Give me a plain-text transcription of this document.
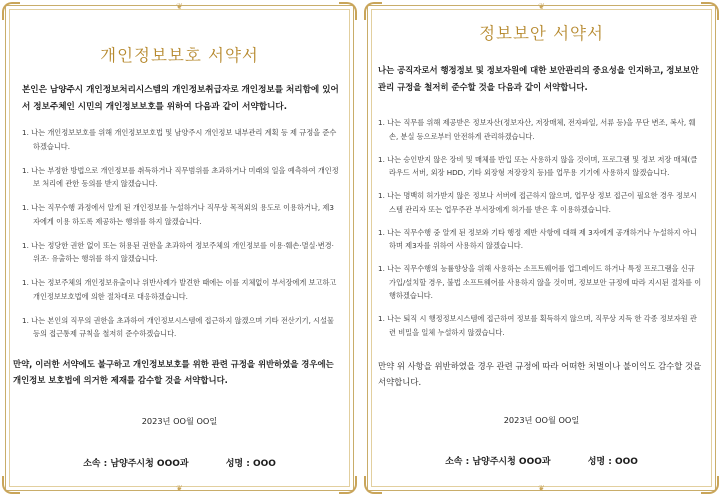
❦
❦
개인정보보호 서약서
본인은 남양주시 개인정보처리시스템의 개인정보취급자로 개인정보를 처리함에 있어서 정보주체인 시민의 개인정보보호를 위하여 다음과 같이 서약합니다.
1. 나는 개인정보보호를 위해 개인정보보호법 및 남양주시 개인정보 내부관리 계획 등 제 규정을 준수 하겠습니다.
1. 나는 부정한 방법으로 개인정보를 취득하거나 직무범위를 초과하거나 미래의 일을 예측하여 개인정보 처리에 관한 동의를 받지 않겠습니다.
1. 나는 직무수행 과정에서 알게 된 개인정보를 누설하거나 직무상 목적외의 용도로 이용하거나, 제3자에게 이용 하도록 제공하는 행위를 하지 않겠습니다.
1. 나는 정당한 권한 없이 또는 허용된 권한을 초과하여 정보주체의 개인정보를 이용·훼손·멸실·변경·위조· 유출하는 행위를 하지 않겠습니다.
1. 나는 정보주체의 개인정보유출이나 위반사례가 발견한 때에는 이를 지체없이 부서장에게 보고하고 개인정보보호법에 의한 절차대로 대응하겠습니다.
1. 나는 본인의 직무의 권한을 초과하여 개인정보시스템에 접근하지 않겠으며 기타 전산기기, 시설물 등의 접근통제 규칙을 철저히 준수하겠습니다.
만약, 이러한 서약에도 불구하고 개인정보보호를 위한 관련 규정을 위반하였을 경우에는 개인정보 보호법에 의거한 제재를 감수할 것을 서약합니다.
2023년 OO월 OO일
소속 : 남양주시청 OOO과	성명 : OOO
❦
❦
정보보안 서약서
나는 공직자로서 행정정보 및 정보자원에 대한 보안관리의 중요성을 인지하고, 정보보안관리 규정을 철저히 준수할 것을 다음과 같이 서약합니다.
1. 나는 직무를 위해 제공받은 정보자산(정보자산, 저장매체, 전자파일, 서류 등)을 무단 변조, 복사, 훼손, 분실 등으로부터 안전하게 관리하겠습니다.
1. 나는 승인받지 않은 장비 및 매체를 반입 또는 사용하지 않을 것이며, 프로그램 및 정보 저장 매체(클라우드 서버, 외장 HDD, 기타 외장형 저장장치 등)를 업무용 기기에 사용하지 않겠습니다.
1. 나는 명백히 허가받지 않은 정보나 서버에 접근하지 않으며, 업무상 정보 접근이 필요한 경우 정보시스템 관리자 또는 업무주관 부서장에게 허가를 받은 후 이용하겠습니다.
1. 나는 직무수행 중 알게 된 정보와 기타 행정 제반 사항에 대해 제 3자에게 공개하거나 누설하지 아니하며 제3자를 위하여 사용하지 않겠습니다.
1. 나는 직무수행의 능률향상을 위해 사용하는 소프트웨어를 업그레이드 하거나 특정 프로그램을 신규 가입/설치할 경우, 불법 소프트웨어를 사용하지 않을 것이며, 정보보안 규정에 따라 지시된 절차를 이행하겠습니다.
1. 나는 퇴직 시 행정정보시스템에 접근하여 정보를 획득하지 않으며, 직무상 지득 한 각종 정보자원 관련 비밀을 일체 누설하지 않겠습니다.
만약 위 사항을 위반하였을 경우 관련 규정에 따라 어떠한 처벌이나 불이익도 감수할 것을 서약합니다.
2023년 OO월 OO일
소속 : 남양주시청 OOO과	성명 : OOO
